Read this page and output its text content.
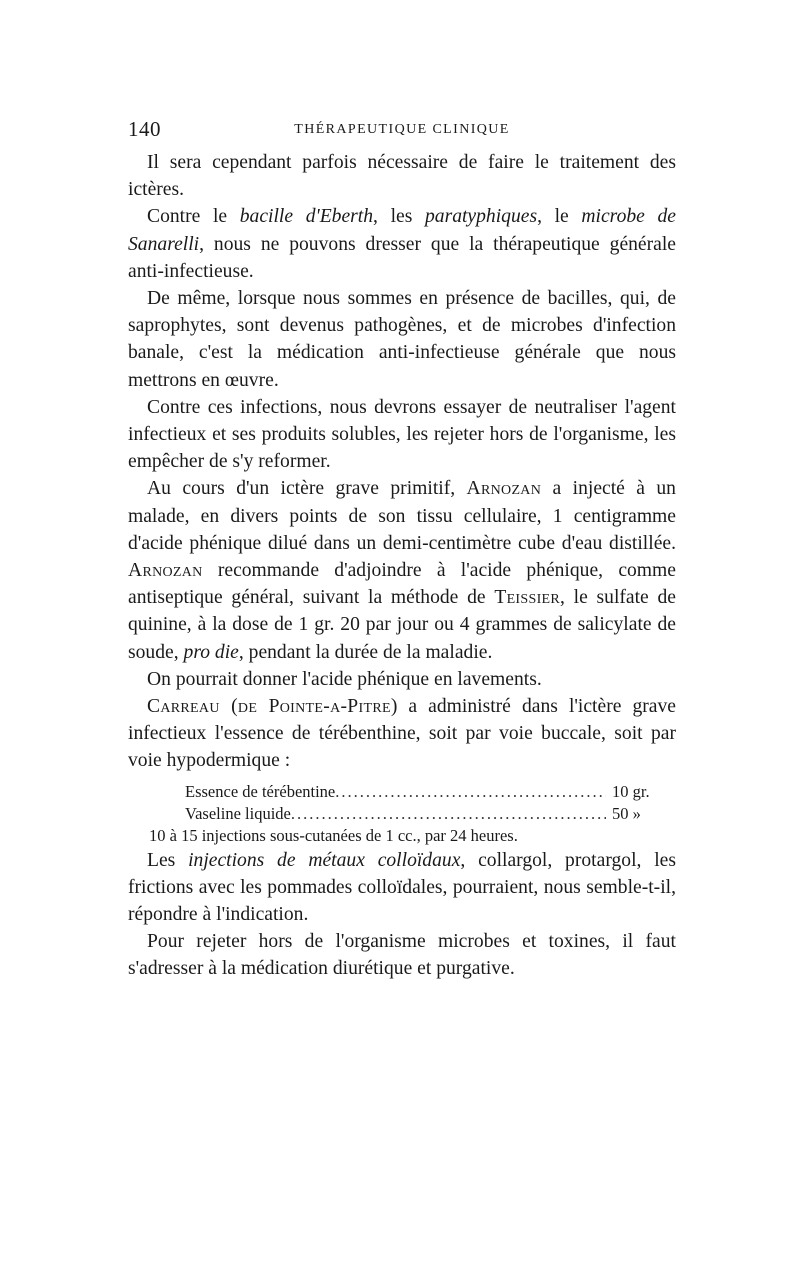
140	THÉRAPEUTIQUE CLINIQUE

Il sera cependant parfois nécessaire de faire le traitement des ictères.

Contre le bacille d'Eberth, les paratyphiques, le microbe de Sanarelli, nous ne pouvons dresser que la thérapeutique générale anti-infectieuse.

De même, lorsque nous sommes en présence de bacilles, qui, de saprophytes, sont devenus pathogènes, et de microbes d'infection banale, c'est la médication anti-infectieuse générale que nous mettrons en œuvre.

Contre ces infections, nous devrons essayer de neutraliser l'agent infectieux et ses produits solubles, les rejeter hors de l'organisme, les empêcher de s'y reformer.

Au cours d'un ictère grave primitif, Arnozan a injecté à un malade, en divers points de son tissu cellulaire, 1 centigramme d'acide phénique dilué dans un demi-centimètre cube d'eau distillée. Arnozan recommande d'adjoindre à l'acide phénique, comme antiseptique général, suivant la méthode de Teissier, le sulfate de quinine, à la dose de 1 gr. 20 par jour ou 4 grammes de salicylate de soude, pro die, pendant la durée de la maladie.

On pourrait donner l'acide phénique en lavements.

Carreau (de Pointe-a-Pitre) a administré dans l'ictère grave infectieux l'essence de térébenthine, soit par voie buccale, soit par voie hypodermique :

Essence de térébentine .....	10 gr.
Vaseline liquide .....	50 »

10 à 15 injections sous-cutanées de 1 cc., par 24 heures.

Les injections de métaux colloïdaux, collargol, protargol, les frictions avec les pommades colloïdales, pourraient, nous semble-t-il, répondre à l'indication.

Pour rejeter hors de l'organisme microbes et toxines, il faut s'adresser à la médication diurétique et purgative.
